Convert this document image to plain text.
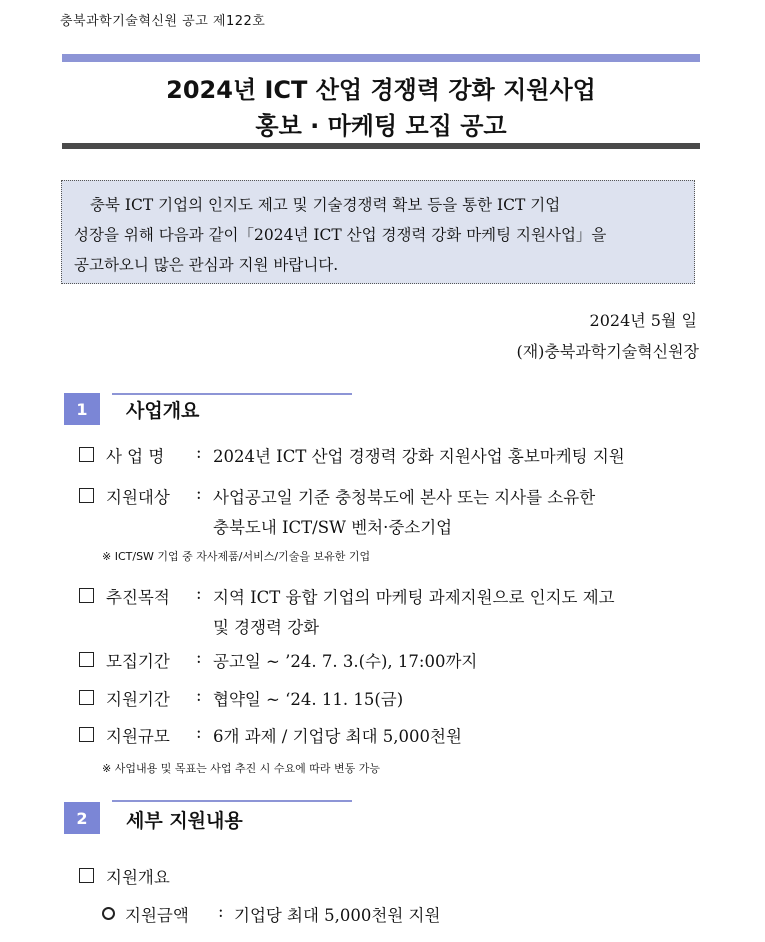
충북과학기술혁신원 공고 제122호
2024년 ICT 산업 경쟁력 강화 지원사업
홍보 · 마케팅 모집 공고
충북 ICT 기업의 인지도 제고 및 기술경쟁력 확보 등을 통한 ICT 기업
성장을 위해 다음과 같이「2024년 ICT 산업 경쟁력 강화 마케팅 지원사업」을
공고하오니 많은 관심과 지원 바랍니다.
2024년 5월 일
(재)충북과학기술혁신원장
1	사업개요
사 업 명 : 2024년 ICT 산업 경쟁력 강화 지원사업 홍보마케팅 지원
지원대상 : 사업공고일 기준 충청북도에 본사 또는 지사를 소유한
충북도내 ICT/SW 벤처·중소기업
※ ICT/SW 기업 중 자사제품/서비스/기술을 보유한 기업
추진목적 : 지역 ICT 융합 기업의 마케팅 과제지원으로 인지도 제고
및 경쟁력 강화
모집기간 : 공고일 ~ ’24. 7. 3.(수), 17:00까지
지원기간 : 협약일 ~ ‘24. 11. 15(금)
지원규모 : 6개 과제 / 기업당 최대 5,000천원
※ 사업내용 및 목표는 사업 추진 시 수요에 따라 변동 가능
2	세부 지원내용
지원개요
지원금액 : 기업당 최대 5,000천원 지원
